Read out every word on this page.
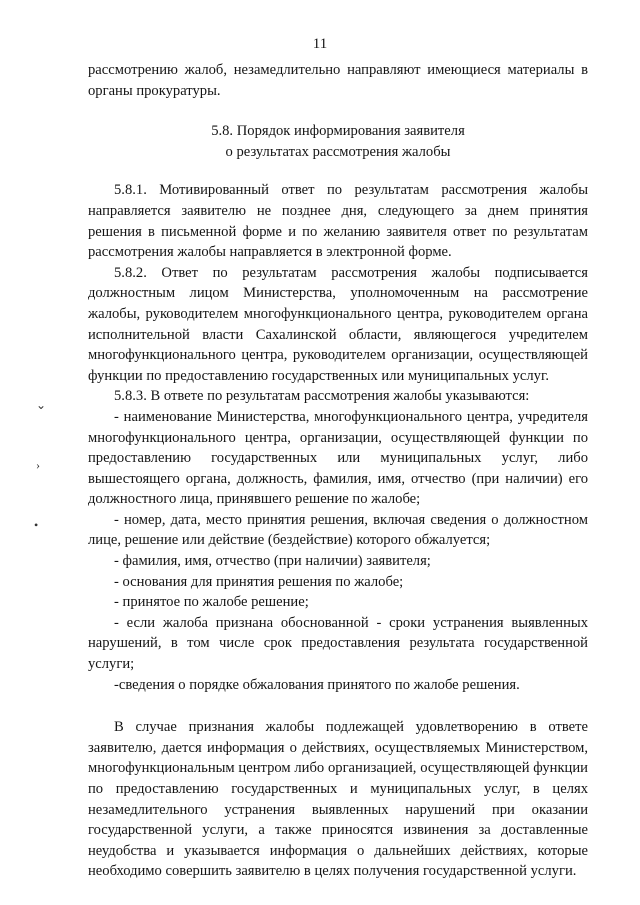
11

рассмотрению жалоб, незамедлительно направляют имеющиеся материалы в органы прокуратуры.

5.8. Порядок информирования заявителя
о результатах рассмотрения жалобы

5.8.1. Мотивированный ответ по результатам рассмотрения жалобы направляется заявителю не позднее дня, следующего за днем принятия решения в письменной форме и по желанию заявителя ответ по результатам рассмотрения жалобы направляется в электронной форме.

5.8.2. Ответ по результатам рассмотрения жалобы подписывается должностным лицом Министерства, уполномоченным на рассмотрение жалобы, руководителем многофункционального центра, руководителем органа исполнительной власти Сахалинской области, являющегося учредителем многофункционального центра, руководителем организации, осуществляющей функции по предоставлению государственных или муниципальных услуг.

5.8.3. В ответе по результатам рассмотрения жалобы указываются:

- наименование Министерства, многофункционального центра, учредителя многофункционального центра, организации, осуществляющей функции по предоставлению государственных или муниципальных услуг, либо вышестоящего органа, должность, фамилия, имя, отчество (при наличии) его должностного лица, принявшего решение по жалобе;

- номер, дата, место принятия решения, включая сведения о должностном лице, решение или действие (бездействие) которого обжалуется;

- фамилия, имя, отчество (при наличии) заявителя;

- основания для принятия решения по жалобе;

- принятое по жалобе решение;

- если жалоба признана обоснованной - сроки устранения выявленных нарушений, в том числе срок предоставления результата государственной услуги;

-сведения о порядке обжалования принятого по жалобе решения.

В случае признания жалобы подлежащей удовлетворению в ответе заявителю, дается информация о действиях, осуществляемых Министерством, многофункциональным центром либо организацией, осуществляющей функции по предоставлению государственных и муниципальных услуг, в целях незамедлительного устранения выявленных нарушений при оказании государственной услуги, а также приносятся извинения за доставленные неудобства и указывается информация о дальнейших действиях, которые необходимо совершить заявителю в целях получения государственной услуги.

⌄
›
•
